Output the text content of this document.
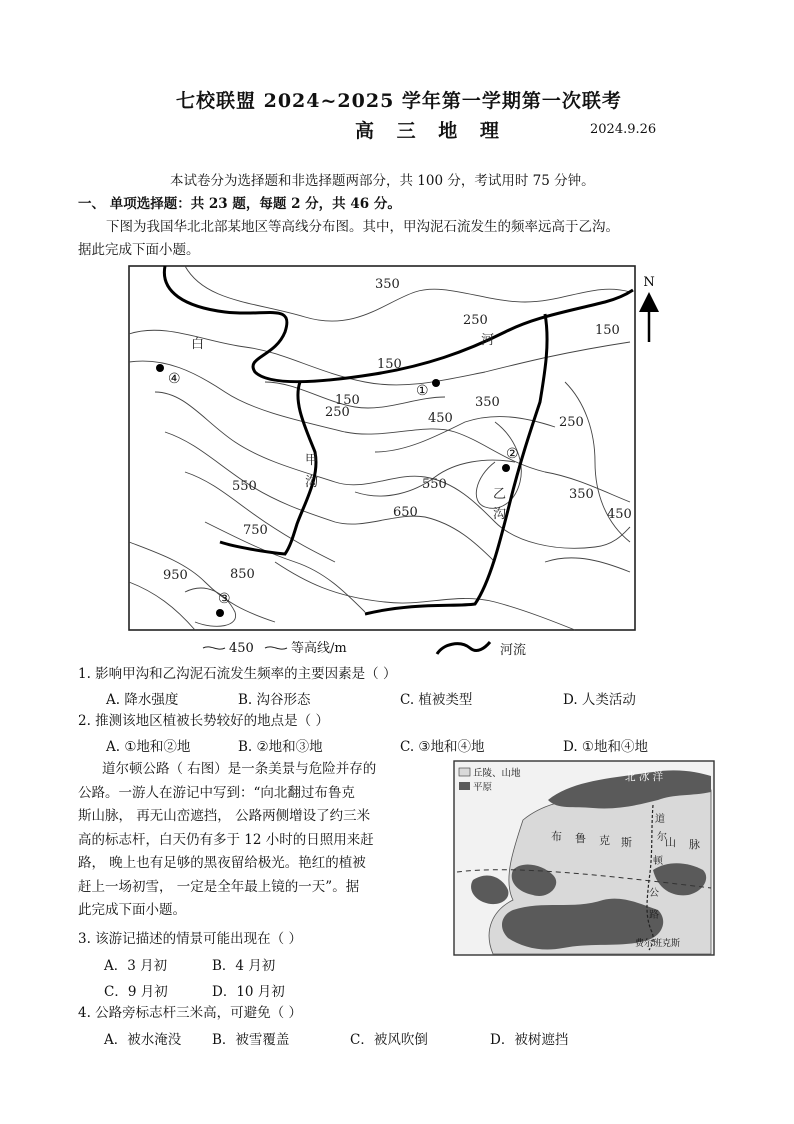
七校联盟 2024~2025 学年第一学期第一次联考
高 三 地 理	2024.9.26
本试卷分为选择题和非选择题两部分，共 100 分，考试用时 75 分钟。
一、 单项选择题：共 23 题，每题 2 分，共 46 分。
下图为我国华北北部某地区等高线分布图。其中，甲沟泥石流发生的频率远高于乙沟。
据此完成下面小题。
350
250
150
150
150
250
350
450	250
550	550
650
750
950	850
350
450
白	河
甲
沟
乙
沟
①
②
③
④
N
450	等高线/m	河流
1. 影响甲沟和乙沟泥石流发生频率的主要因素是（ ）
A. 降水强度	B. 沟谷形态	C. 植被类型	D. 人类活动
2. 推测该地区植被长势较好的地点是（ ）
A. ①地和②地	B. ②地和③地	C. ③地和④地	D. ①地和④地
道尔顿公路（ 右图）是一条美景与危险并存的
公路。一游人在游记中写到：“向北翻过布鲁克
斯山脉， 再无山峦遮挡， 公路两侧增设了约三米
高的标志杆，白天仍有多于 12 小时的日照用来赶
路， 晚上也有足够的黑夜留给极光。艳红的植被
赶上一场初雪， 一定是全年最上镜的一天”。据
此完成下面小题。
丘陵、山地
平原
北 冰 洋
布 鲁 克 斯	山 脉
道
尔
顿
公
路
费尔班克斯
3. 该游记描述的情景可能出现在（ ）
A．3 月初	B．4 月初
C．9 月初	D．10 月初
4. 公路旁标志杆三米高，可避免（ ）
A．被水淹没 B．被雪覆盖	C．被风吹倒	D．被树遮挡
